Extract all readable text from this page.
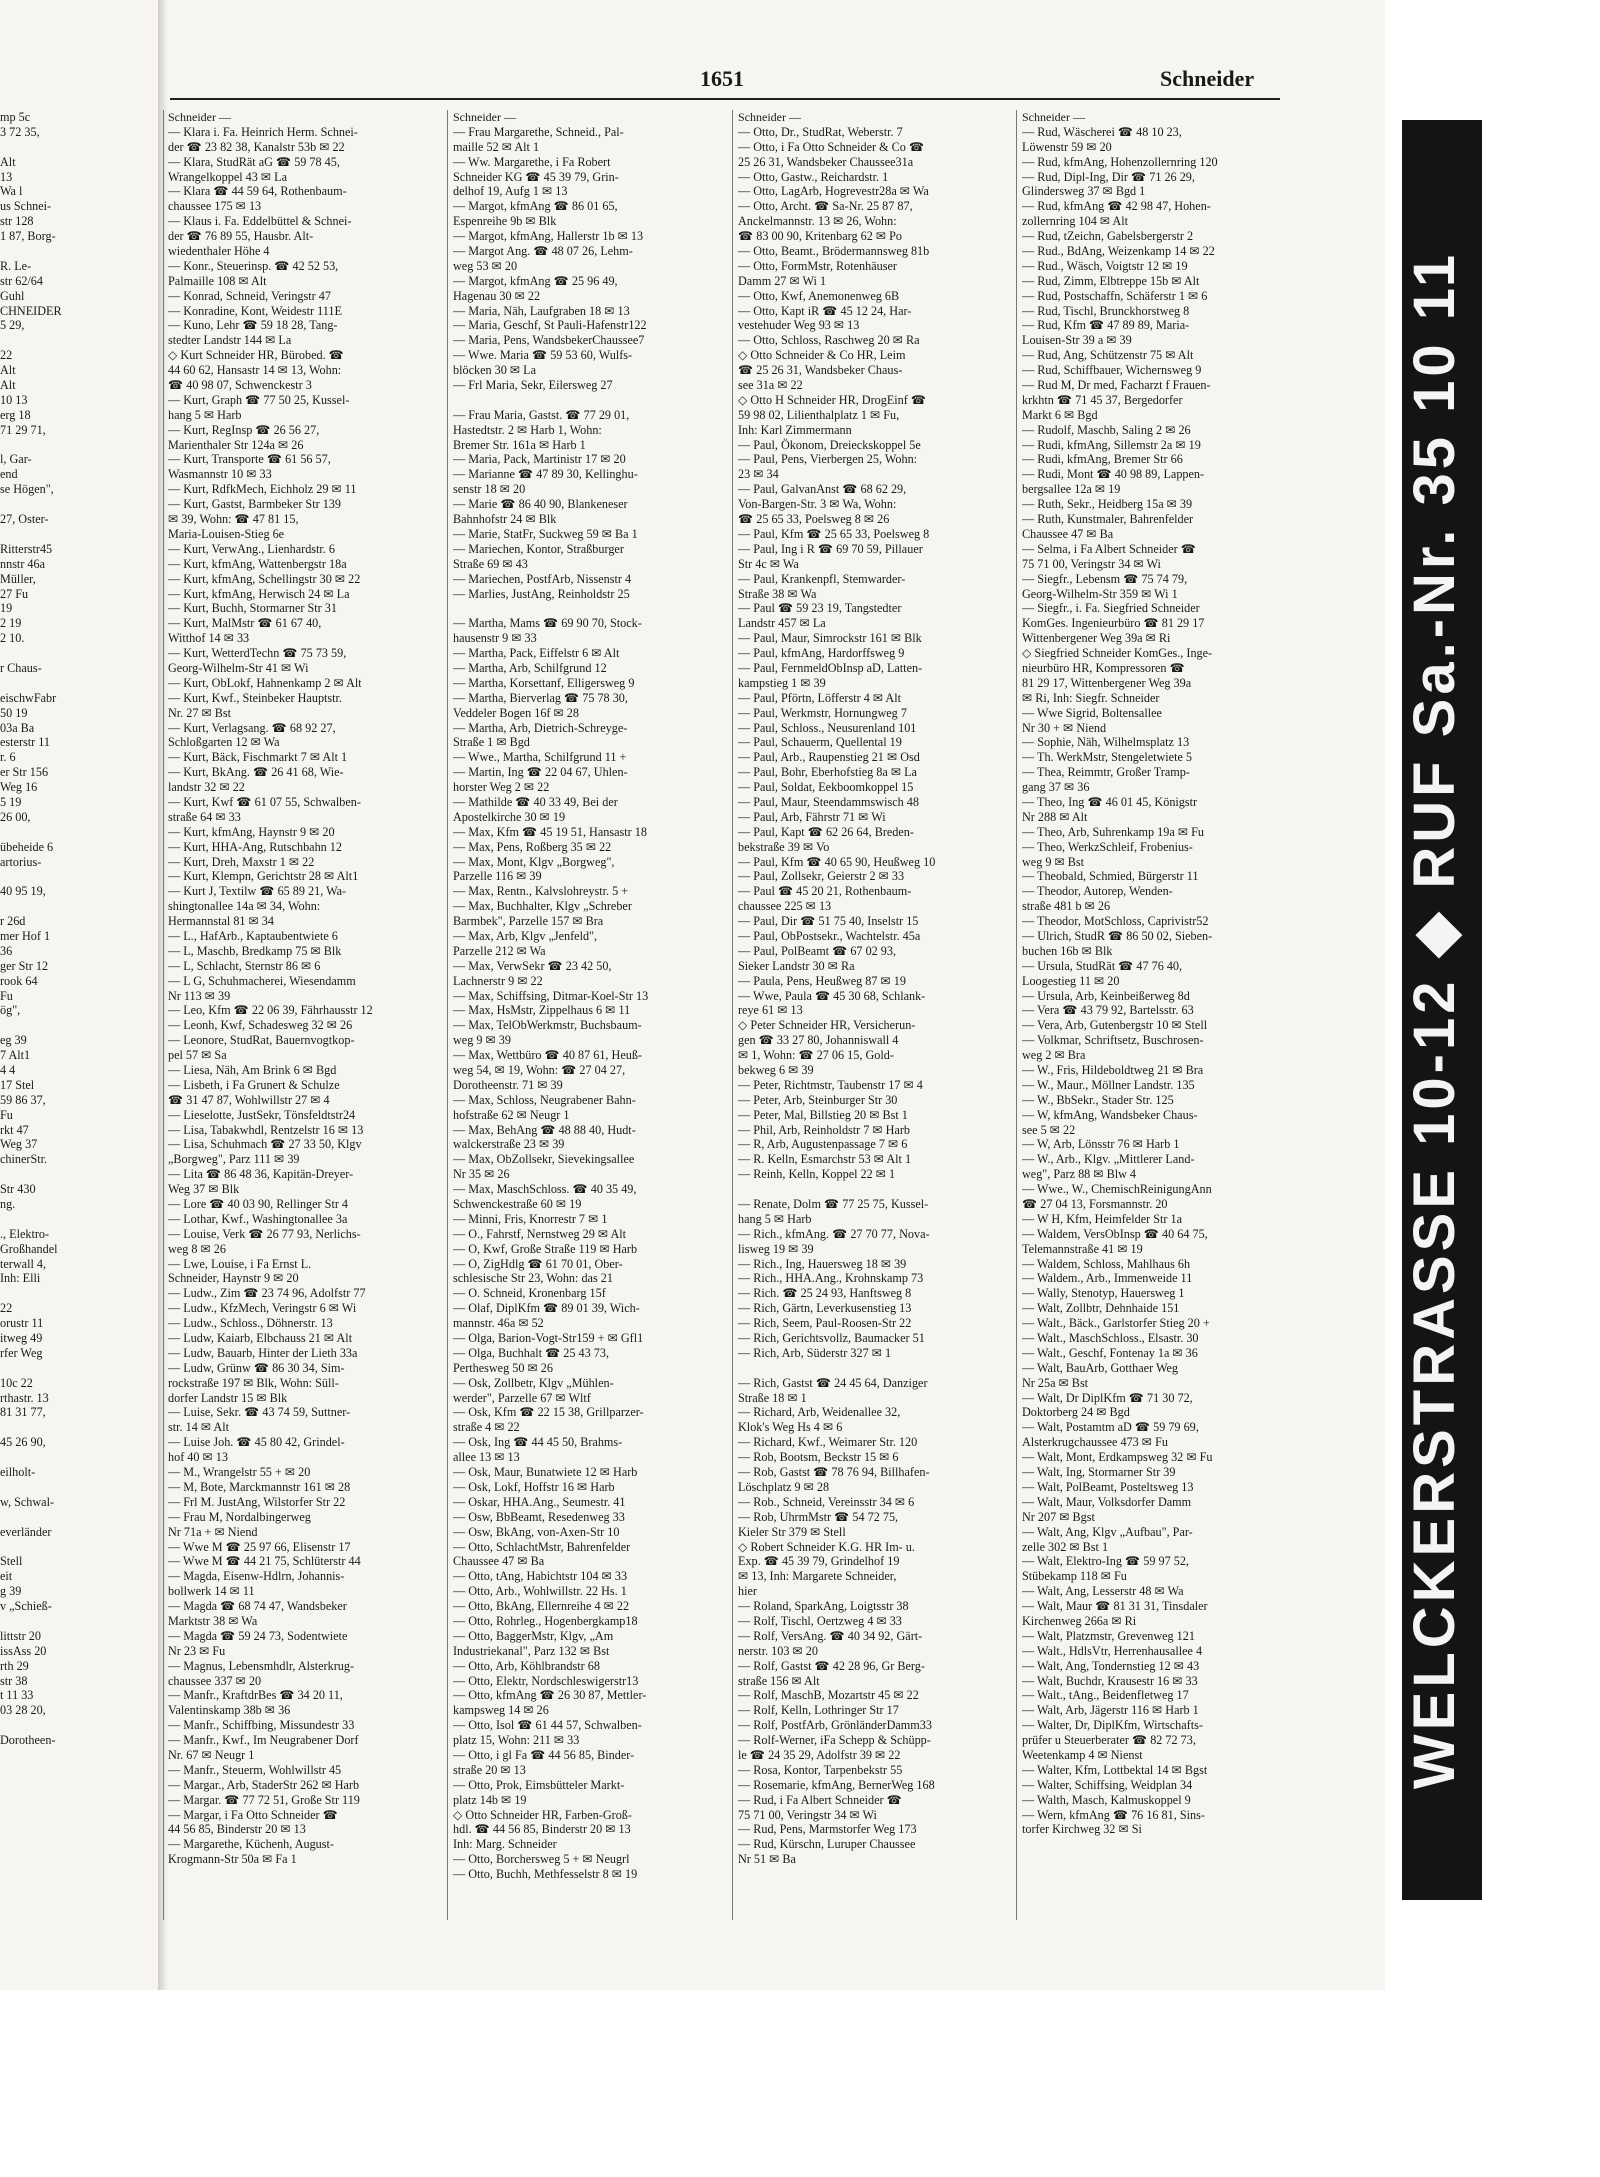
1651	Schneider
mp 5c
3 72 35,
Alt
13
Wa l
us Schnei-
str 128
1 87, Borg-
R. Le-
str 62/64
Guhl
CHNEIDER
5 29,
22
Alt
Alt
10 13
erg 18
71 29 71,
l, Gar-
end
se Högen",
27, Oster-
Ritterstr45
nnstr 46a
Müller,
27 Fu
19
2 19
2 10.
r Chaus-
eischwFabr
50 19
03a Ba
esterstr 11
r. 6
er Str 156
Weg 16
5 19
26 00,
übeheide 6
artorius-
40 95 19,
r 26d
mer Hof 1
36
ger Str 12
rook 64
Fu
ög",
eg 39
7 Alt1
4 4
17 Stel
59 86 37,
Fu
rkt 47
Weg 37
chinerStr.
Str 430
ng.
., Elektro-
Großhandel
terwall 4,
Inh: Elli
22
orustr 11
itweg 49
rfer Weg
10c 22
rthastr. 13
81 31 77,
45 26 90,
eilholt-
w, Schwal-
everländer
Stell
eit
g 39
v „Schieß-
littstr 20
issAss 20
rth 29
str 38
t 11 33
03 28 20,
Dorotheen-
Schneider —
— Klara i. Fa. Heinrich Herm. Schnei-
der ☎ 23 82 38, Kanalstr 53b ✉ 22
— Klara, StudRät aG ☎ 59 78 45,
Wrangelkoppel 43 ✉ La
— Klara ☎ 44 59 64, Rothenbaum-
chaussee 175 ✉ 13
— Klaus i. Fa. Eddelbüttel & Schnei-
der ☎ 76 89 55, Hausbr. Alt-
wiedenthaler Höhe 4
— Konr., Steuerinsp. ☎ 42 52 53,
Palmaille 108 ✉ Alt
— Konrad, Schneid, Veringstr 47
— Konradine, Kont, Weidestr 111E
— Kuno, Lehr ☎ 59 18 28, Tang-
stedter Landstr 144 ✉ La
◇ Kurt Schneider HR, Bürobed. ☎
44 60 62, Hansastr 14 ✉ 13, Wohn:
☎ 40 98 07, Schwenckestr 3
— Kurt, Graph ☎ 77 50 25, Kussel-
hang 5 ✉ Harb
— Kurt, RegInsp ☎ 26 56 27,
Marienthaler Str 124a ✉ 26
— Kurt, Transporte ☎ 61 56 57,
Wasmannstr 10 ✉ 33
— Kurt, RdfkMech, Eichholz 29 ✉ 11
— Kurt, Gastst, Barmbeker Str 139
✉ 39, Wohn: ☎ 47 81 15,
Maria-Louisen-Stieg 6e
— Kurt, VerwAng., Lienhardstr. 6
— Kurt, kfmAng, Wattenbergstr 18a
— Kurt, kfmAng, Schellingstr 30 ✉ 22
— Kurt, kfmAng, Herwisch 24 ✉ La
— Kurt, Buchh, Stormarner Str 31
— Kurt, MalMstr ☎ 61 67 40,
Witthof 14 ✉ 33
— Kurt, WetterdTechn ☎ 75 73 59,
Georg-Wilhelm-Str 41 ✉ Wi
— Kurt, ObLokf, Hahnenkamp 2 ✉ Alt
— Kurt, Kwf., Steinbeker Hauptstr.
Nr. 27 ✉ Bst
— Kurt, Verlagsang. ☎ 68 92 27,
Schloßgarten 12 ✉ Wa
— Kurt, Bäck, Fischmarkt 7 ✉ Alt 1
— Kurt, BkAng. ☎ 26 41 68, Wie-
landstr 32 ✉ 22
— Kurt, Kwf ☎ 61 07 55, Schwalben-
straße 64 ✉ 33
— Kurt, kfmAng, Haynstr 9 ✉ 20
— Kurt, HHA-Ang, Rutschbahn 12
— Kurt, Dreh, Maxstr 1 ✉ 22
— Kurt, Klempn, Gerichtstr 28 ✉ Alt1
— Kurt J, Textilw ☎ 65 89 21, Wa-
shingtonallee 14a ✉ 34, Wohn:
Hermannstal 81 ✉ 34
— L., HafArb., Kaptaubentwiete 6
— L, Maschb, Bredkamp 75 ✉ Blk
— L, Schlacht, Sternstr 86 ✉ 6
— L G, Schuhmacherei, Wiesendamm
Nr 113 ✉ 39
— Leo, Kfm ☎ 22 06 39, Fährhausstr 12
— Leonh, Kwf, Schadesweg 32 ✉ 26
— Leonore, StudRat, Bauernvogtkop-
pel 57 ✉ Sa
— Liesa, Näh, Am Brink 6 ✉ Bgd
— Lisbeth, i Fa Grunert & Schulze
☎ 31 47 87, Wohlwillstr 27 ✉ 4
— Lieselotte, JustSekr, Tönsfeldtstr24
— Lisa, Tabakwhdl, Rentzelstr 16 ✉ 13
— Lisa, Schuhmach ☎ 27 33 50, Klgv
„Borgweg", Parz 111 ✉ 39
— Lita ☎ 86 48 36, Kapitän-Dreyer-
Weg 37 ✉ Blk
— Lore ☎ 40 03 90, Rellinger Str 4
— Lothar, Kwf., Washingtonallee 3a
— Louise, Verk ☎ 26 77 93, Nerlichs-
weg 8 ✉ 26
— Lwe, Louise, i Fa Ernst L.
Schneider, Haynstr 9 ✉ 20
— Ludw., Zim ☎ 23 74 96, Adolfstr 77
— Ludw., KfzMech, Veringstr 6 ✉ Wi
— Ludw., Schloss., Döhnerstr. 13
— Ludw, Kaiarb, Elbchauss 21 ✉ Alt
— Ludw, Bauarb, Hinter der Lieth 33a
— Ludw, Grünw ☎ 86 30 34, Sim-
rockstraße 197 ✉ Blk, Wohn: Süll-
dorfer Landstr 15 ✉ Blk
— Luise, Sekr. ☎ 43 74 59, Suttner-
str. 14 ✉ Alt
— Luise Joh. ☎ 45 80 42, Grindel-
hof 40 ✉ 13
— M., Wrangelstr 55 + ✉ 20
— M, Bote, Marckmannstr 161 ✉ 28
— Frl M. JustAng, Wilstorfer Str 22
— Frau M, Nordalbingerweg
Nr 71a + ✉ Niend
— Wwe M ☎ 25 97 66, Elisenstr 17
— Wwe M ☎ 44 21 75, Schlüterstr 44
— Magda, Eisenw-Hdlrn, Johannis-
bollwerk 14 ✉ 11
— Magda ☎ 68 74 47, Wandsbeker
Marktstr 38 ✉ Wa
— Magda ☎ 59 24 73, Sodentwiete
Nr 23 ✉ Fu
— Magnus, Lebensmhdlr, Alsterkrug-
chaussee 337 ✉ 20
— Manfr., KraftdrBes ☎ 34 20 11,
Valentinskamp 38b ✉ 36
— Manfr., Schiffbing, Missundestr 33
— Manfr., Kwf., Im Neugrabener Dorf
Nr. 67 ✉ Neugr 1
— Manfr., Steuerm, Wohlwillstr 45
— Margar., Arb, StaderStr 262 ✉ Harb
— Margar. ☎ 77 72 51, Große Str 119
— Margar, i Fa Otto Schneider ☎
44 56 85, Binderstr 20 ✉ 13
— Margarethe, Küchenh, August-
Krogmann-Str 50a ✉ Fa 1
Schneider —
— Frau Margarethe, Schneid., Pal-
maille 52 ✉ Alt 1
— Ww. Margarethe, i Fa Robert
Schneider KG ☎ 45 39 79, Grin-
delhof 19, Aufg 1 ✉ 13
— Margot, kfmAng ☎ 86 01 65,
Espenreihe 9b ✉ Blk
— Margot, kfmAng, Hallerstr 1b ✉ 13
— Margot Ang. ☎ 48 07 26, Lehm-
weg 53 ✉ 20
— Margot, kfmAng ☎ 25 96 49,
Hagenau 30 ✉ 22
— Maria, Näh, Laufgraben 18 ✉ 13
— Maria, Geschf, St Pauli-Hafenstr122
— Maria, Pens, WandsbekerChaussee7
— Wwe. Maria ☎ 59 53 60, Wulfs-
blöcken 30 ✉ La
— Frl Maria, Sekr, Eilersweg 27
— Frau Maria, Gastst. ☎ 77 29 01,
Hastedtstr. 2 ✉ Harb 1, Wohn:
Bremer Str. 161a ✉ Harb 1
— Maria, Pack, Martinistr 17 ✉ 20
— Marianne ☎ 47 89 30, Kellinghu-
senstr 18 ✉ 20
— Marie ☎ 86 40 90, Blankeneser
Bahnhofstr 24 ✉ Blk
— Marie, StatFr, Suckweg 59 ✉ Ba 1
— Mariechen, Kontor, Straßburger
Straße 69 ✉ 43
— Mariechen, PostfArb, Nissenstr 4
— Marlies, JustAng, Reinholdstr 25
— Martha, Mams ☎ 69 90 70, Stock-
hausenstr 9 ✉ 33
— Martha, Pack, Eiffelstr 6 ✉ Alt
— Martha, Arb, Schilfgrund 12
— Martha, Korsettanf, Elligersweg 9
— Martha, Bierverlag ☎ 75 78 30,
Veddeler Bogen 16f ✉ 28
— Martha, Arb, Dietrich-Schreyge-
Straße 1 ✉ Bgd
— Wwe., Martha, Schilfgrund 11 +
— Martin, Ing ☎ 22 04 67, Uhlen-
horster Weg 2 ✉ 22
— Mathilde ☎ 40 33 49, Bei der
Apostelkirche 30 ✉ 19
— Max, Kfm ☎ 45 19 51, Hansastr 18
— Max, Pens, Roßberg 35 ✉ 22
— Max, Mont, Klgv „Borgweg",
Parzelle 116 ✉ 39
— Max, Rentn., Kalvslohreystr. 5 +
— Max, Buchhalter, Klgv „Schreber
Barmbek", Parzelle 157 ✉ Bra
— Max, Arb, Klgv „Jenfeld",
Parzelle 212 ✉ Wa
— Max, VerwSekr ☎ 23 42 50,
Lachnerstr 9 ✉ 22
— Max, Schiffsing, Ditmar-Koel-Str 13
— Max, HsMstr, Zippelhaus 6 ✉ 11
— Max, TelObWerkmstr, Buchsbaum-
weg 9 ✉ 39
— Max, Wettbüro ☎ 40 87 61, Heuß-
weg 54, ✉ 19, Wohn: ☎ 27 04 27,
Dorotheenstr. 71 ✉ 39
— Max, Schloss, Neugrabener Bahn-
hofstraße 62 ✉ Neugr 1
— Max, BehAng ☎ 48 88 40, Hudt-
walckerstraße 23 ✉ 39
— Max, ObZollsekr, Sievekingsallee
Nr 35 ✉ 26
— Max, MaschSchloss. ☎ 40 35 49,
Schwenckestraße 60 ✉ 19
— Minni, Fris, Knorrestr 7 ✉ 1
— O., Fahrstf, Nernstweg 29 ✉ Alt
— O, Kwf, Große Straße 119 ✉ Harb
— O, ZigHdlg ☎ 61 70 01, Ober-
schlesische Str 23, Wohn: das 21
— O. Schneid, Kronenbarg 15f
— Olaf, DiplKfm ☎ 89 01 39, Wich-
mannstr. 46a ✉ 52
— Olga, Barion-Vogt-Str159 + ✉ Gfl1
— Olga, Buchhalt ☎ 25 43 73,
Perthesweg 50 ✉ 26
— Osk, Zollbetr, Klgv „Mühlen-
werder", Parzelle 67 ✉ Wltf
— Osk, Kfm ☎ 22 15 38, Grillparzer-
straße 4 ✉ 22
— Osk, Ing ☎ 44 45 50, Brahms-
allee 13 ✉ 13
— Osk, Maur, Bunatwiete 12 ✉ Harb
— Osk, Lokf, Hoffstr 16 ✉ Harb
— Oskar, HHA.Ang., Seumestr. 41
— Osw, BbBeamt, Resedenweg 33
— Osw, BkAng, von-Axen-Str 10
— Otto, SchlachtMstr, Bahrenfelder
Chaussee 47 ✉ Ba
— Otto, tAng, Habichtstr 104 ✉ 33
— Otto, Arb., Wohlwillstr. 22 Hs. 1
— Otto, BkAng, Ellernreihe 4 ✉ 22
— Otto, Rohrleg., Hogenbergkamp18
— Otto, BaggerMstr, Klgv, „Am
Industriekanal", Parz 132 ✉ Bst
— Otto, Arb, Köhlbrandstr 68
— Otto, Elektr, Nordschleswigerstr13
— Otto, kfmAng ☎ 26 30 87, Mettler-
kampsweg 14 ✉ 26
— Otto, Isol ☎ 61 44 57, Schwalben-
platz 15, Wohn: 211 ✉ 33
— Otto, i gl Fa ☎ 44 56 85, Binder-
straße 20 ✉ 13
— Otto, Prok, Eimsbütteler Markt-
platz 14b ✉ 19
◇ Otto Schneider HR, Farben-Groß-
hdl. ☎ 44 56 85, Binderstr 20 ✉ 13
Inh: Marg. Schneider
— Otto, Borchersweg 5 + ✉ Neugrl
— Otto, Buchh, Methfesselstr 8 ✉ 19
Schneider —
— Otto, Dr., StudRat, Weberstr. 7
— Otto, i Fa Otto Schneider & Co ☎
25 26 31, Wandsbeker Chaussee31a
— Otto, Gastw., Reichardstr. 1
— Otto, LagArb, Hogrevestr28a ✉ Wa
— Otto, Archt. ☎ Sa-Nr. 25 87 87,
Anckelmannstr. 13 ✉ 26, Wohn:
☎ 83 00 90, Kritenbarg 62 ✉ Po
— Otto, Beamt., Brödermannsweg 81b
— Otto, FormMstr, Rotenhäuser
Damm 27 ✉ Wi 1
— Otto, Kwf, Anemonenweg 6B
— Otto, Kapt iR ☎ 45 12 24, Har-
vestehuder Weg 93 ✉ 13
— Otto, Schloss, Raschweg 20 ✉ Ra
◇ Otto Schneider & Co HR, Leim
☎ 25 26 31, Wandsbeker Chaus-
see 31a ✉ 22
◇ Otto H Schneider HR, DrogEinf ☎
59 98 02, Lilienthalplatz 1 ✉ Fu,
Inh: Karl Zimmermann
— Paul, Ökonom, Dreieckskoppel 5e
— Paul, Pens, Vierbergen 25, Wohn:
23 ✉ 34
— Paul, GalvanAnst ☎ 68 62 29,
Von-Bargen-Str. 3 ✉ Wa, Wohn:
☎ 25 65 33, Poelsweg 8 ✉ 26
— Paul, Kfm ☎ 25 65 33, Poelsweg 8
— Paul, Ing i R ☎ 69 70 59, Pillauer
Str 4c ✉ Wa
— Paul, Krankenpfl, Stemwarder-
Straße 38 ✉ Wa
— Paul ☎ 59 23 19, Tangstedter
Landstr 457 ✉ La
— Paul, Maur, Simrockstr 161 ✉ Blk
— Paul, kfmAng, Hardorffsweg 9
— Paul, FernmeldObInsp aD, Latten-
kampstieg 1 ✉ 39
— Paul, Pförtn, Löfferstr 4 ✉ Alt
— Paul, Werkmstr, Hornungweg 7
— Paul, Schloss., Neusurenland 101
— Paul, Schauerm, Quellental 19
— Paul, Arb., Raupenstieg 21 ✉ Osd
— Paul, Bohr, Eberhofstieg 8a ✉ La
— Paul, Soldat, Eekboomkoppel 15
— Paul, Maur, Steendammswisch 48
— Paul, Arb, Fährstr 71 ✉ Wi
— Paul, Kapt ☎ 62 26 64, Breden-
bekstraße 39 ✉ Vo
— Paul, Kfm ☎ 40 65 90, Heußweg 10
— Paul, Zollsekr, Geierstr 2 ✉ 33
— Paul ☎ 45 20 21, Rothenbaum-
chaussee 225 ✉ 13
— Paul, Dir ☎ 51 75 40, Inselstr 15
— Paul, ObPostsekr., Wachtelstr. 45a
— Paul, PolBeamt ☎ 67 02 93,
Sieker Landstr 30 ✉ Ra
— Paula, Pens, Heußweg 87 ✉ 19
— Wwe, Paula ☎ 45 30 68, Schlank-
reye 61 ✉ 13
◇ Peter Schneider HR, Versicherun-
gen ☎ 33 27 80, Johanniswall 4
✉ 1, Wohn: ☎ 27 06 15, Gold-
bekweg 6 ✉ 39
— Peter, Richtmstr, Taubenstr 17 ✉ 4
— Peter, Arb, Steinburger Str 30
— Peter, Mal, Billstieg 20 ✉ Bst 1
— Phil, Arb, Reinholdstr 7 ✉ Harb
— R, Arb, Augustenpassage 7 ✉ 6
— R. Kelln, Esmarchstr 53 ✉ Alt 1
— Reinh, Kelln, Koppel 22 ✉ 1
— Renate, Dolm ☎ 77 25 75, Kussel-
hang 5 ✉ Harb
— Rich., kfmAng. ☎ 27 70 77, Nova-
lisweg 19 ✉ 39
— Rich., Ing, Hauersweg 18 ✉ 39
— Rich., HHA.Ang., Krohnskamp 73
— Rich. ☎ 25 24 93, Hanftsweg 8
— Rich, Gärtn, Leverkusenstieg 13
— Rich, Seem, Paul-Roosen-Str 22
— Rich, Gerichtsvollz, Baumacker 51
— Rich, Arb, Süderstr 327 ✉ 1
— Rich, Gastst ☎ 24 45 64, Danziger
Straße 18 ✉ 1
— Richard, Arb, Weidenallee 32,
Klok's Weg Hs 4 ✉ 6
— Richard, Kwf., Weimarer Str. 120
— Rob, Bootsm, Beckstr 15 ✉ 6
— Rob, Gastst ☎ 78 76 94, Billhafen-
Löschplatz 9 ✉ 28
— Rob., Schneid, Vereinsstr 34 ✉ 6
— Rob, UhrmMstr ☎ 54 72 75,
Kieler Str 379 ✉ Stell
◇ Robert Schneider K.G. HR Im- u.
Exp. ☎ 45 39 79, Grindelhof 19
✉ 13, Inh: Margarete Schneider,
hier
— Roland, SparkAng, Loigtsstr 38
— Rolf, Tischl, Oertzweg 4 ✉ 33
— Rolf, VersAng. ☎ 40 34 92, Gärt-
nerstr. 103 ✉ 20
— Rolf, Gastst ☎ 42 28 96, Gr Berg-
straße 156 ✉ Alt
— Rolf, MaschB, Mozartstr 45 ✉ 22
— Rolf, Kelln, Lothringer Str 17
— Rolf, PostfArb, GrönländerDamm33
— Rolf-Werner, iFa Schepp & Schüpp-
le ☎ 24 35 29, Adolfstr 39 ✉ 22
— Rosa, Kontor, Tarpenbekstr 55
— Rosemarie, kfmAng, BernerWeg 168
— Rud, i Fa Albert Schneider ☎
75 71 00, Veringstr 34 ✉ Wi
— Rud, Pens, Marmstorfer Weg 173
— Rud, Kürschn, Luruper Chaussee
Nr 51 ✉ Ba
Schneider —
— Rud, Wäscherei ☎ 48 10 23,
Löwenstr 59 ✉ 20
— Rud, kfmAng, Hohenzollernring 120
— Rud, Dipl-Ing, Dir ☎ 71 26 29,
Glindersweg 37 ✉ Bgd 1
— Rud, kfmAng ☎ 42 98 47, Hohen-
zollernring 104 ✉ Alt
— Rud, tZeichn, Gabelsbergerstr 2
— Rud., BdAng, Weizenkamp 14 ✉ 22
— Rud., Wäsch, Voigtstr 12 ✉ 19
— Rud, Zimm, Elbtreppe 15b ✉ Alt
— Rud, Postschaffn, Schäferstr 1 ✉ 6
— Rud, Tischl, Brunckhorstweg 8
— Rud, Kfm ☎ 47 89 89, Maria-
Louisen-Str 39 a ✉ 39
— Rud, Ang, Schützenstr 75 ✉ Alt
— Rud, Schiffbauer, Wichernsweg 9
— Rud M, Dr med, Facharzt f Frauen-
krkhtn ☎ 71 45 37, Bergedorfer
Markt 6 ✉ Bgd
— Rudolf, Maschb, Saling 2 ✉ 26
— Rudi, kfmAng, Sillemstr 2a ✉ 19
— Rudi, kfmAng, Bremer Str 66
— Rudi, Mont ☎ 40 98 89, Lappen-
bergsallee 12a ✉ 19
— Ruth, Sekr., Heidberg 15a ✉ 39
— Ruth, Kunstmaler, Bahrenfelder
Chaussee 47 ✉ Ba
— Selma, i Fa Albert Schneider ☎
75 71 00, Veringstr 34 ✉ Wi
— Siegfr., Lebensm ☎ 75 74 79,
Georg-Wilhelm-Str 359 ✉ Wi 1
— Siegfr., i. Fa. Siegfried Schneider
KomGes. Ingenieurbüro ☎ 81 29 17
Wittenbergener Weg 39a ✉ Ri
◇ Siegfried Schneider KomGes., Inge-
nieurbüro HR, Kompressoren ☎
81 29 17, Wittenbergener Weg 39a
✉ Ri, Inh: Siegfr. Schneider
— Wwe Sigrid, Boltensallee
Nr 30 + ✉ Niend
— Sophie, Näh, Wilhelmsplatz 13
— Th. WerkMstr, Stengeletwiete 5
— Thea, Reimmtr, Großer Tramp-
gang 37 ✉ 36
— Theo, Ing ☎ 46 01 45, Königstr
Nr 288 ✉ Alt
— Theo, Arb, Suhrenkamp 19a ✉ Fu
— Theo, WerkzSchleif, Frobenius-
weg 9 ✉ Bst
— Theobald, Schmied, Bürgerstr 11
— Theodor, Autorep, Wenden-
straße 481 b ✉ 26
— Theodor, MotSchloss, Caprivistr52
— Ulrich, StudR ☎ 86 50 02, Sieben-
buchen 16b ✉ Blk
— Ursula, StudRät ☎ 47 76 40,
Loogestieg 11 ✉ 20
— Ursula, Arb, Keinbeißerweg 8d
— Vera ☎ 43 79 92, Bartelsstr. 63
— Vera, Arb, Gutenbergstr 10 ✉ Stell
— Volkmar, Schriftsetz, Buschrosen-
weg 2 ✉ Bra
— W., Fris, Hildeboldtweg 21 ✉ Bra
— W., Maur., Möllner Landstr. 135
— W., BbSekr., Stader Str. 125
— W, kfmAng, Wandsbeker Chaus-
see 5 ✉ 22
— W, Arb, Lönsstr 76 ✉ Harb 1
— W., Arb., Klgv. „Mittlerer Land-
weg", Parz 88 ✉ Blw 4
— Wwe., W., ChemischReinigungAnn
☎ 27 04 13, Forsmannstr. 20
— W H, Kfm, Heimfelder Str 1a
— Waldem, VersObInsp ☎ 40 64 75,
Telemannstraße 41 ✉ 19
— Waldem, Schloss, Mahlhaus 6h
— Waldem., Arb., Immenweide 11
— Wally, Stenotyp, Hauersweg 1
— Walt, Zollbtr, Dehnhaide 151
— Walt., Bäck., Garlstorfer Stieg 20 +
— Walt., MaschSchloss., Elsastr. 30
— Walt., Geschf, Fontenay 1a ✉ 36
— Walt, BauArb, Gotthaer Weg
Nr 25a ✉ Bst
— Walt, Dr DiplKfm ☎ 71 30 72,
Doktorberg 24 ✉ Bgd
— Walt, Postamtm aD ☎ 59 79 69,
Alsterkrugchaussee 473 ✉ Fu
— Walt, Mont, Erdkampsweg 32 ✉ Fu
— Walt, Ing, Stormarner Str 39
— Walt, PolBeamt, Posteltsweg 13
— Walt, Maur, Volksdorfer Damm
Nr 207 ✉ Bgst
— Walt, Ang, Klgv „Aufbau", Par-
zelle 302 ✉ Bst 1
— Walt, Elektro-Ing ☎ 59 97 52,
Stübekamp 118 ✉ Fu
— Walt, Ang, Lesserstr 48 ✉ Wa
— Walt, Maur ☎ 81 31 31, Tinsdaler
Kirchenweg 266a ✉ Ri
— Walt, Platzmstr, Grevenweg 121
— Walt., HdlsVtr, Herrenhausallee 4
— Walt, Ang, Tondernstieg 12 ✉ 43
— Walt, Buchdr, Krausestr 16 ✉ 33
— Walt., tAng., Beidenfletweg 17
— Walt, Arb, Jägerstr 116 ✉ Harb 1
— Walter, Dr, DiplKfm, Wirtschafts-
prüfer u Steuerberater ☎ 82 72 73,
Weetenkamp 4 ✉ Nienst
— Walter, Kfm, Lottbektal 14 ✉ Bgst
— Walter, Schiffsing, Weidplan 34
— Walth, Masch, Kalmuskoppel 9
— Wern, kfmAng ☎ 76 16 81, Sins-
torfer Kirchweg 32 ✉ Si
WELCKERSTRASSE 10-12 ◆ RUF Sa.-Nr. 35 10 11
